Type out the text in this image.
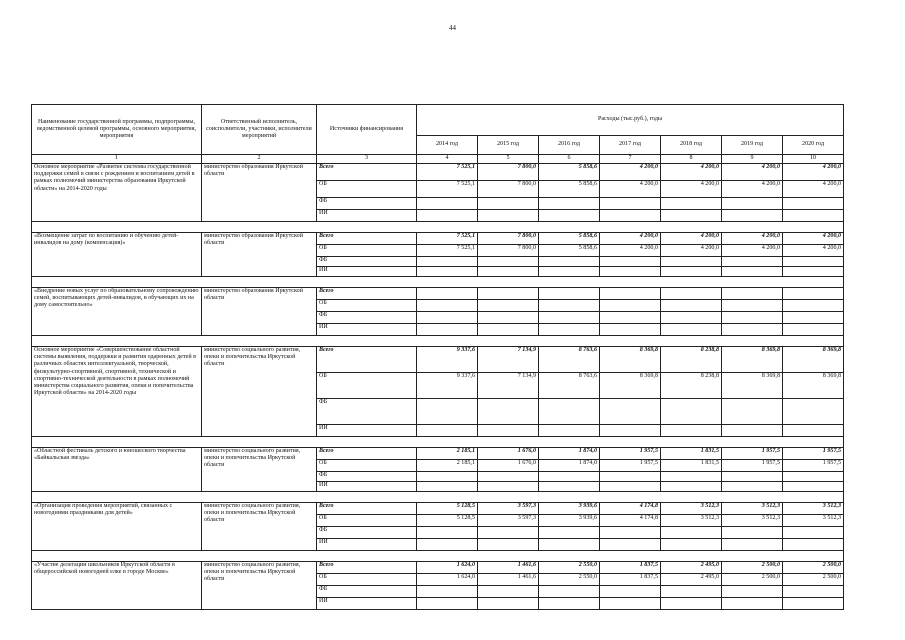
44
Наименование государственной программы, подпрограммы, ведомственной целевой программы, основного мероприятия, мероприятия	Ответственный исполнитель, соисполнители, участники, исполнители мероприятий	Источники финансирования	Расходы (тыс.руб.), годы						
			2014 год	2015 год	2016 год	2017 год	2018 год	2019 год	2020 год
1	2	3	4	5	6	7	8	9	10
Основное мероприятие «Развитие системы государственной поддержки семей в связи с рождением и воспитанием детей в рамках полномочий министерства образования Иркутской области» на 2014-2020 годы	министерство образования Иркутской области	Всего	7 525,1	7 800,0	5 858,6	4 200,0	4 200,0	4 200,0	4 200,0
		ОБ	7 525,1	7 800,0	5 858,6	4 200,0	4 200,0	4 200,0	4 200,0
		ФБ							
		ИИ							

«Возмещение затрат по воспитанию и обучению детей-инвалидов на дому (компенсация)»	министерство образования Иркутской области	Всего	7 525,1	7 800,0	5 858,6	4 200,0	4 200,0	4 200,0	4 200,0
		ОБ	7 525,1	7 800,0	5 858,6	4 200,0	4 200,0	4 200,0	4 200,0
		ФБ							
		ИИ							

«Внедрение новых услуг по образовательному сопровождению семей, воспитывающих детей-инвалидов, в обучающих их на дому самостоятельно»	министерство образования Иркутской области	Всего							
		ОБ							
		ФБ							
		ИИ							

Основное мероприятие «Совершенствование областной системы выявления, поддержки и развития одаренных детей в различных областях интеллектуальной, творческой, физкультурно-спортивной, спортивной, технической и спортивно-технической деятельности в рамках полномочий министерства социального развития, опеки и попечительства Иркутской области» на 2014-2020 годы	министерство социального развития, опеки и попечительства Иркутской области	Всего	9 337,6	7 134,9	8 763,6	8 369,8	8 238,8	8 369,8	8 369,8
		ОБ	9 337,6	7 134,9	8 763,6	8 369,8	8 238,8	8 369,8	8 369,8
		ФБ							
		ИИ							

«Областной фестиваль детского и юношеского творчества «Байкальская звезда»	министерство социального развития, опеки и попечительства Иркутской области	Всего	2 185,1	1 676,0	1 874,0	1 957,5	1 831,5	1 957,5	1 957,5
		ОБ	2 185,1	1 676,0	1 874,0	1 957,5	1 831,5	1 957,5	1 957,5
		ФБ							
		ИИ							

«Организация проведения мероприятий, связанных с новогодними праздниками для детей»	министерство социального развития, опеки и попечительства Иркутской области	Всего	5 128,5	3 597,3	3 939,6	4 174,8	3 512,3	3 512,3	3 512,3
		ОБ	5 128,5	3 597,3	3 939,6	4 174,8	3 512,3	3 512,3	3 512,3
		ФБ							
		ИИ							

«Участие делегации школьников Иркутской области в общероссийской новогодней елке в городе Москве»	министерство социального развития, опеки и попечительства Иркутской области	Всего	1 624,0	1 461,6	2 550,0	1 837,5	2 495,0	2 500,0	2 500,0
		ОБ	1 624,0	1 461,6	2 550,0	1 837,5	2 495,0	2 500,0	2 500,0
		ФБ							
		ИИ							
